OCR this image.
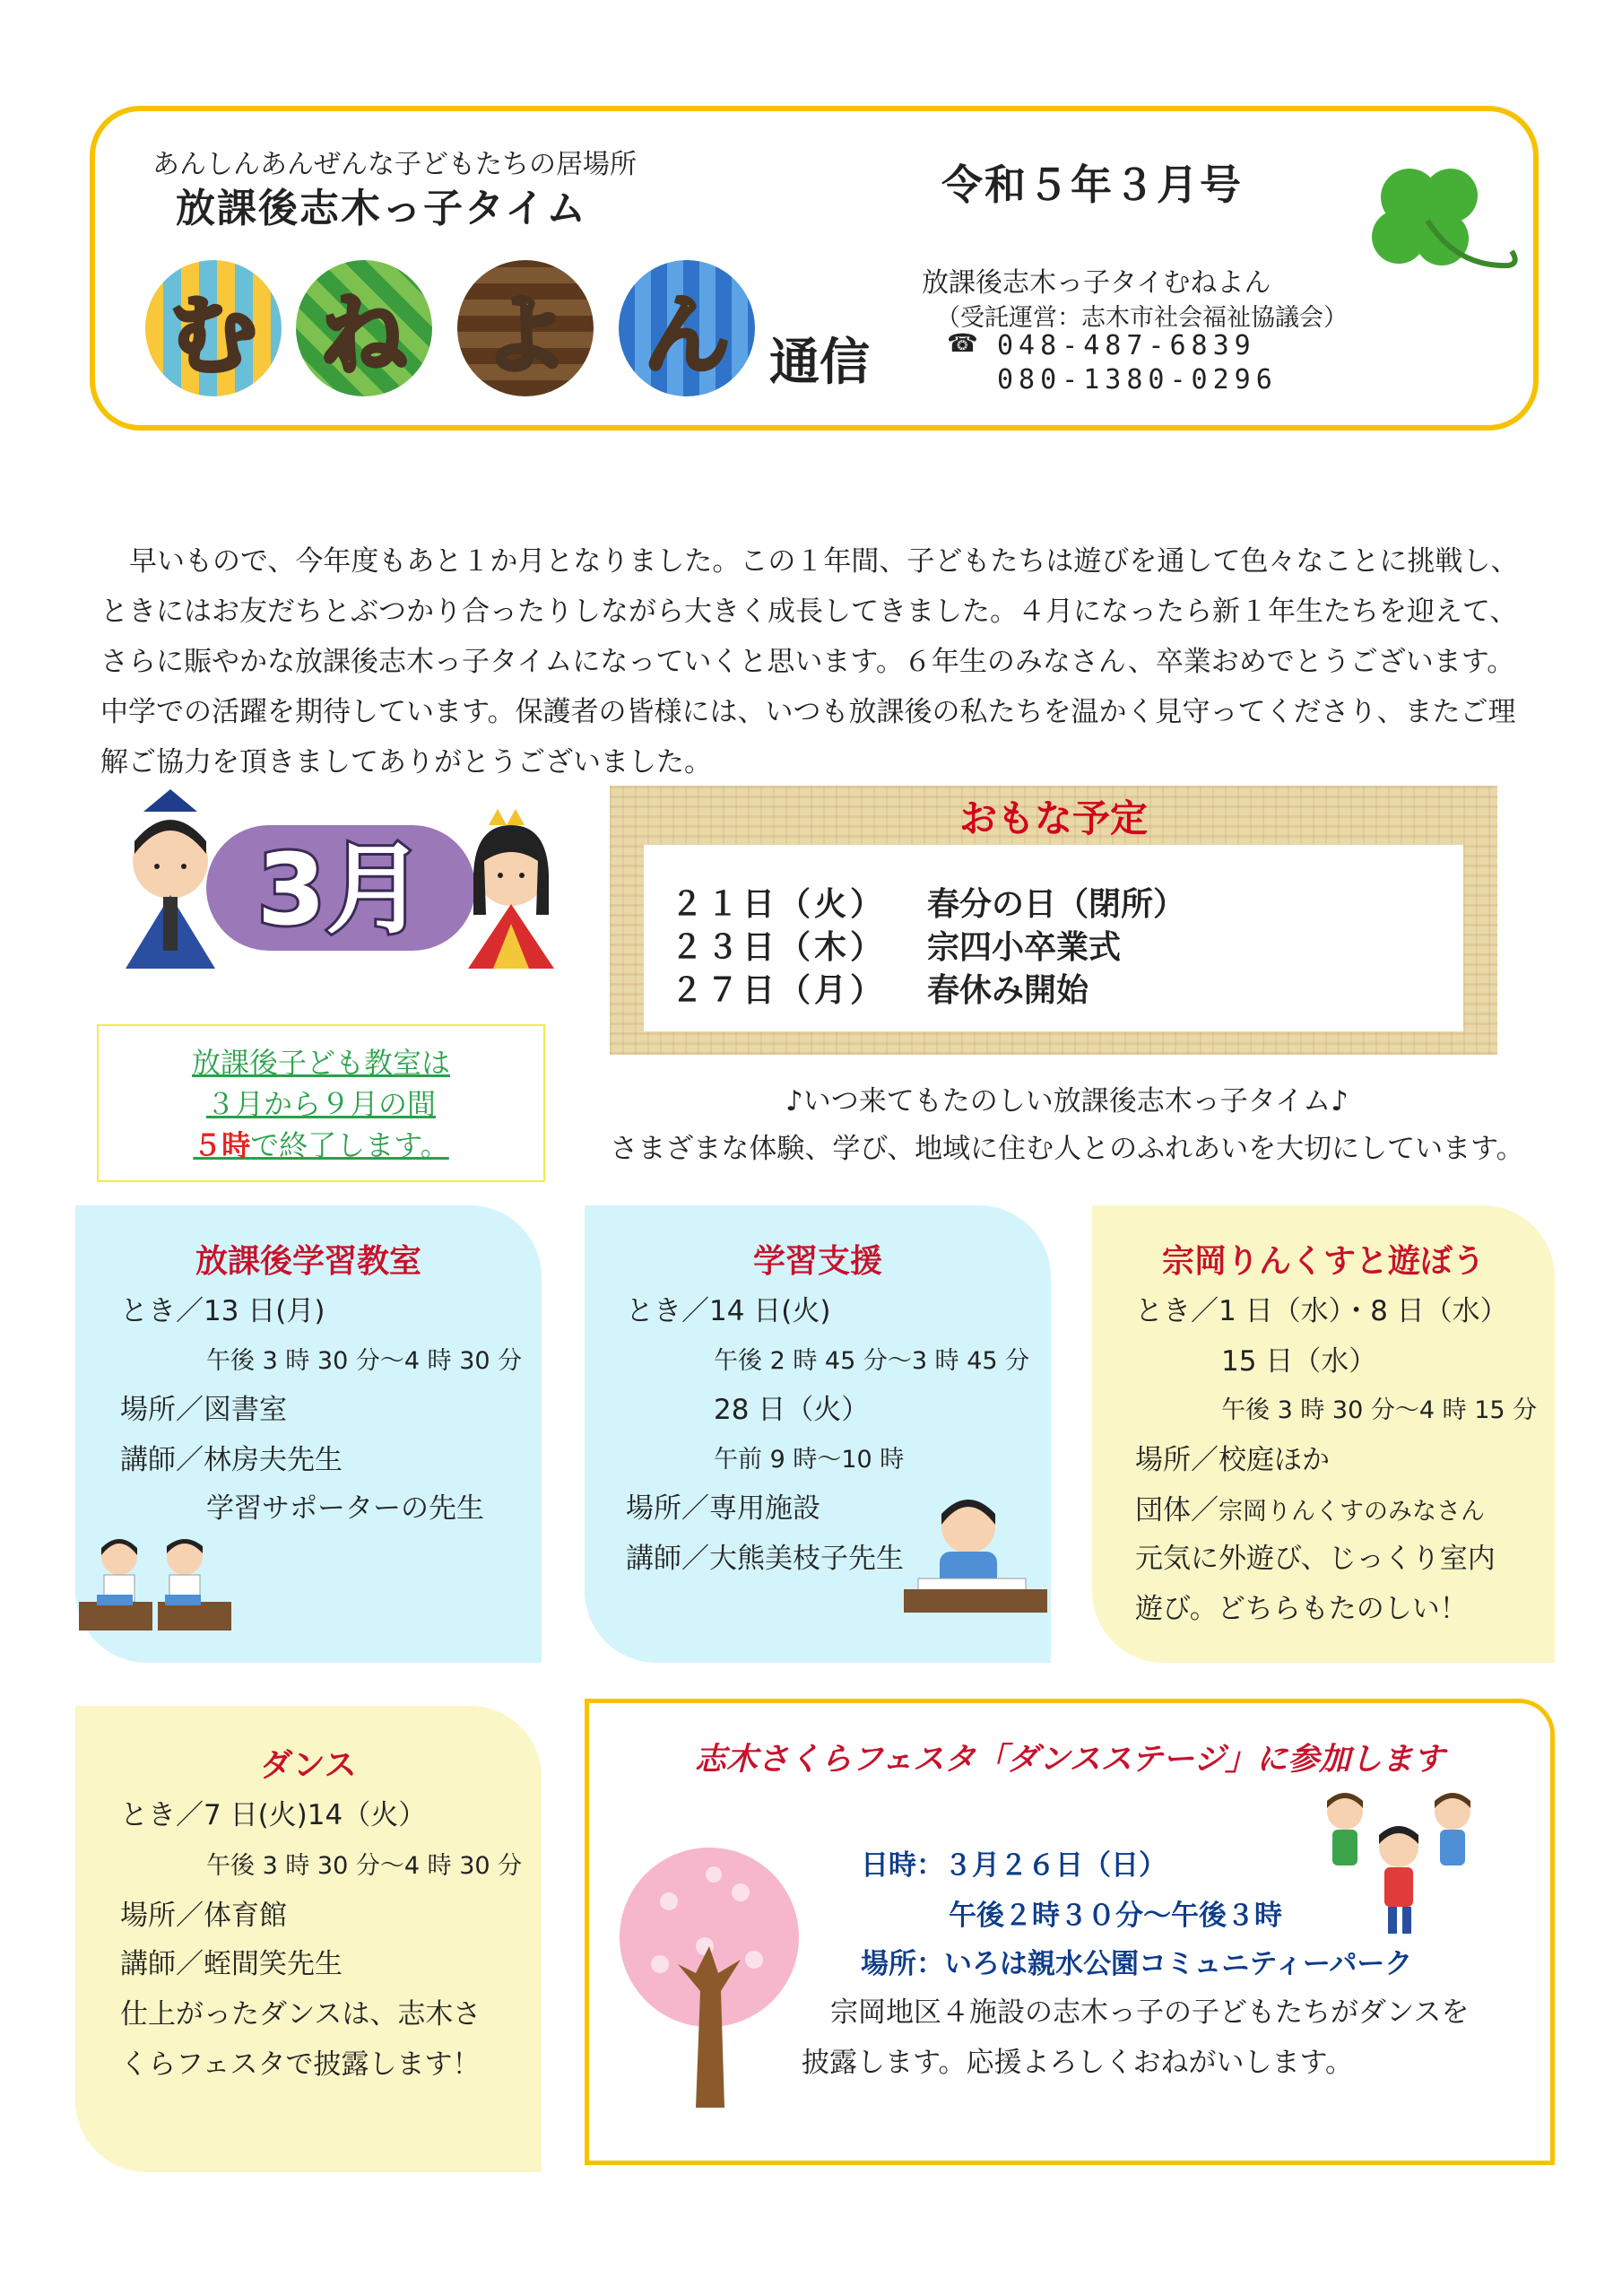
あんしんあんぜんな子どもたちの居場所
放課後志木っ子タイム
む ね よ ん 通信
令和５年３月号
放課後志木っ子タイむねよん
（受託運営：志木市社会福祉協議会）
☎ 048-487-6839
080-1380-0296
早いもので、今年度もあと１か月となりました。この１年間、子どもたちは遊びを通して色々なことに挑戦し、ときにはお友だちとぶつかり合ったりしながら大きく成長してきました。４月になったら新１年生たちを迎えて、さらに賑やかな放課後志木っ子タイムになっていくと思います。６年生のみなさん、卒業おめでとうございます。中学での活躍を期待しています。保護者の皆様には、いつも放課後の私たちを温かく見守ってくださり、またご理解ご協力を頂きましてありがとうございました。
3月
おもな予定
２１日（火） 春分の日（閉所）
２３日（木） 宗四小卒業式
２７日（月） 春休み開始
放課後子ども教室は
３月から９月の間
５時で終了します。
♪いつ来てもたのしい放課後志木っ子タイム♪
さまざまな体験、学び、地域に住む人とのふれあいを大切にしています。
放課後学習教室
とき／13 日(月)
午後 3 時 30 分～4 時 30 分
場所／図書室
講師／林房夫先生
学習サポーターの先生
学習支援
とき／14 日(火)
午後 2 時 45 分～3 時 45 分
28 日（火）
午前 9 時～10 時
場所／専用施設
講師／大熊美枝子先生
宗岡りんくすと遊ぼう
とき／1 日（水）・8 日（水）
15 日（水）
午後 3 時 30 分～4 時 15 分
場所／校庭ほか
団体／宗岡りんくすのみなさん
元気に外遊び、じっくり室内
遊び。どちらもたのしい！
ダンス
とき／7 日(火)14（火）
午後 3 時 30 分～4 時 30 分
場所／体育館
講師／蛭間笑先生
仕上がったダンスは、志木さ
くらフェスタで披露します！
志木さくらフェスタ「ダンスステージ」に参加します
日時：３月２６日（日）
午後２時３０分～午後３時
場所：いろは親水公園コミュニティーパーク
宗岡地区４施設の志木っ子の子どもたちがダンスを
披露します。応援よろしくおねがいします。
